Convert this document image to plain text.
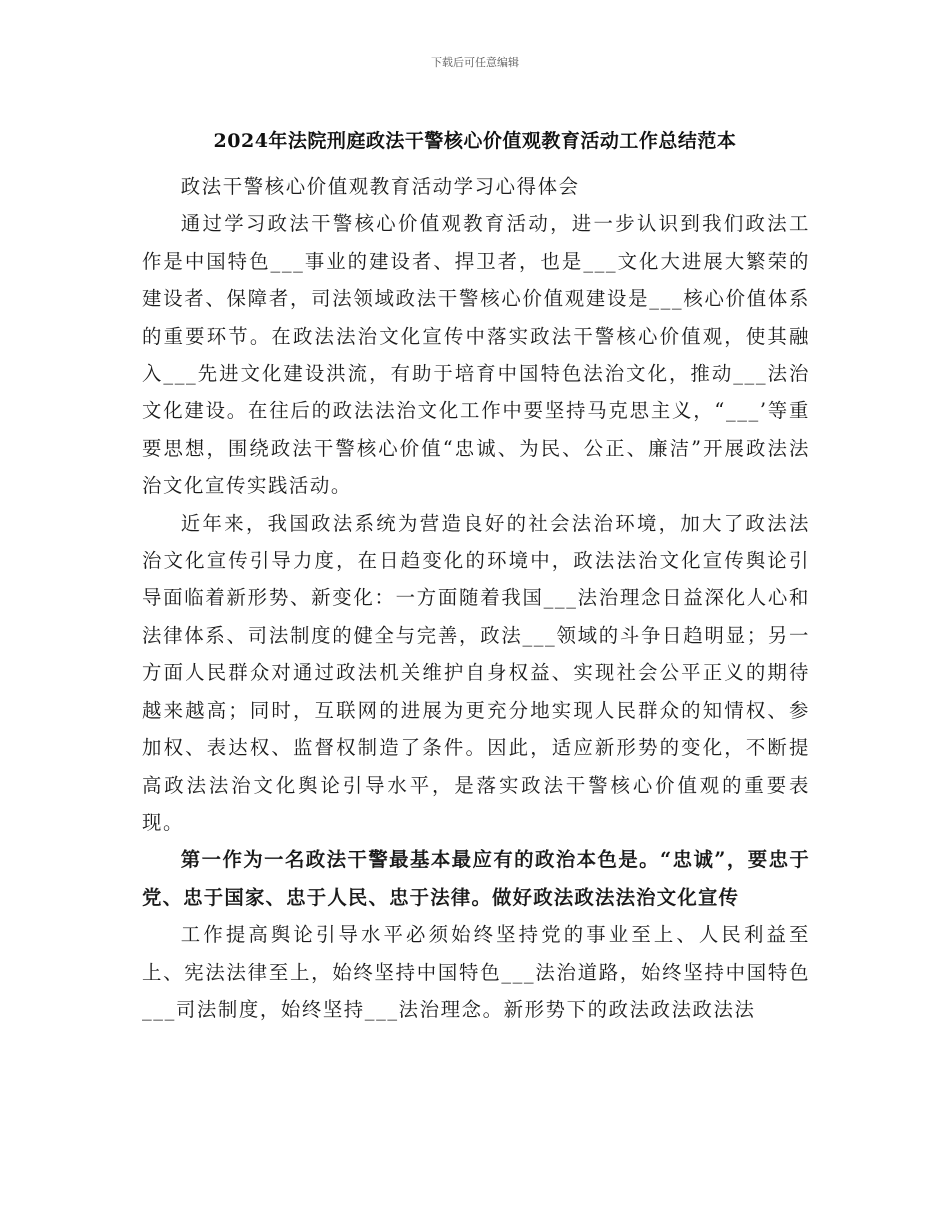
下载后可任意编辑
2024年法院刑庭政法干警核心价值观教育活动工作总结范本

政法干警核心价值观教育活动学习心得体会

通过学习政法干警核心价值观教育活动，进一步认识到我们政法工作是中国特色___事业的建设者、捍卫者，也是___文化大进展大繁荣的建设者、保障者，司法领域政法干警核心价值观建设是___核心价值体系的重要环节。在政法法治文化宣传中落实政法干警核心价值观，使其融入___先进文化建设洪流，有助于培育中国特色法治文化，推动___法治文化建设。在往后的政法法治文化工作中要坚持马克思主义，“___’等重要思想，围绕政法干警核心价值“忠诚、为民、公正、廉洁”开展政法法治文化宣传实践活动。

近年来，我国政法系统为营造良好的社会法治环境，加大了政法法治文化宣传引导力度，在日趋变化的环境中，政法法治文化宣传舆论引导面临着新形势、新变化：一方面随着我国___法治理念日益深化人心和法律体系、司法制度的健全与完善，政法___领域的斗争日趋明显；另一方面人民群众对通过政法机关维护自身权益、实现社会公平正义的期待越来越高；同时，互联网的进展为更充分地实现人民群众的知情权、参加权、表达权、监督权制造了条件。因此，适应新形势的变化，不断提高政法法治文化舆论引导水平，是落实政法干警核心价值观的重要表现。

第一作为一名政法干警最基本最应有的政治本色是。“忠诚”，要忠于党、忠于国家、忠于人民、忠于法律。做好政法政法法治文化宣传

工作提高舆论引导水平必须始终坚持党的事业至上、人民利益至上、宪法法律至上，始终坚持中国特色___法治道路，始终坚持中国特色___司法制度，始终坚持___法治理念。新形势下的政法政法政法法
